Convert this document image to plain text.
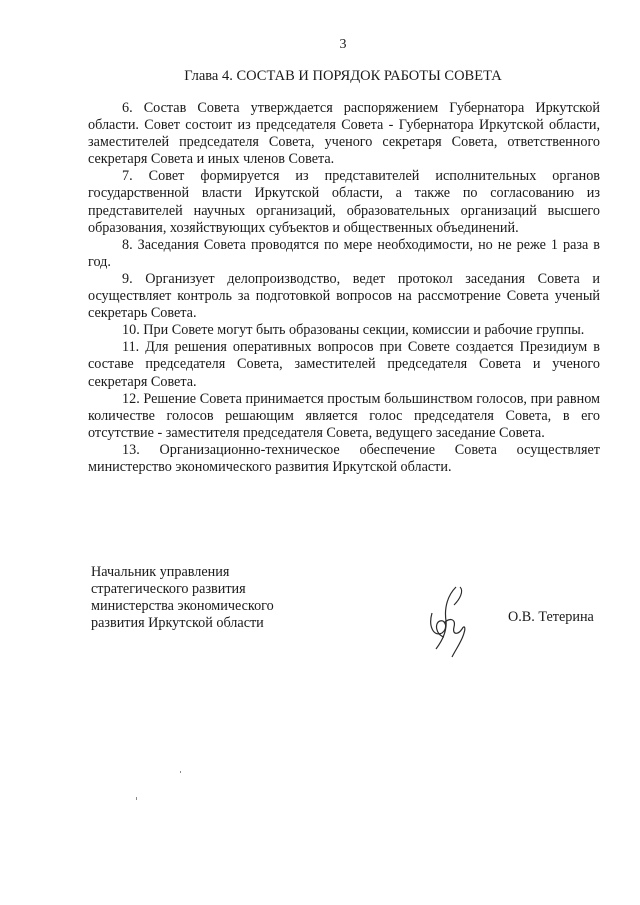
3
Глава 4. СОСТАВ И ПОРЯДОК РАБОТЫ СОВЕТА

6. Состав Совета утверждается распоряжением Губернатора Иркутской области. Совет состоит из председателя Совета - Губернатора Иркутской области, заместителей председателя Совета, ученого секретаря Совета, ответственного секретаря Совета и иных членов Совета.

7. Совет формируется из представителей исполнительных органов государственной власти Иркутской области, а также по согласованию из представителей научных организаций, образовательных организаций высшего образования, хозяйствующих субъектов и общественных объединений.

8. Заседания Совета проводятся по мере необходимости, но не реже 1 раза в год.

9. Организует делопроизводство, ведет протокол заседания Совета и осуществляет контроль за подготовкой вопросов на рассмотрение Совета ученый секретарь Совета.

10. При Совете могут быть образованы секции, комиссии и рабочие группы.

11. Для решения оперативных вопросов при Совете создается Президиум в составе председателя Совета, заместителей председателя Совета и ученого секретаря Совета.

12. Решение Совета принимается простым большинством голосов, при равном количестве голосов решающим является голос председателя Совета, в его отсутствие - заместителя председателя Совета, ведущего заседание Совета.

13. Организационно-техническое обеспечение Совета осуществляет министерство экономического развития Иркутской области.

Начальник управления
стратегического развития
министерства экономического
развития Иркутской области	О.В. Тетерина
